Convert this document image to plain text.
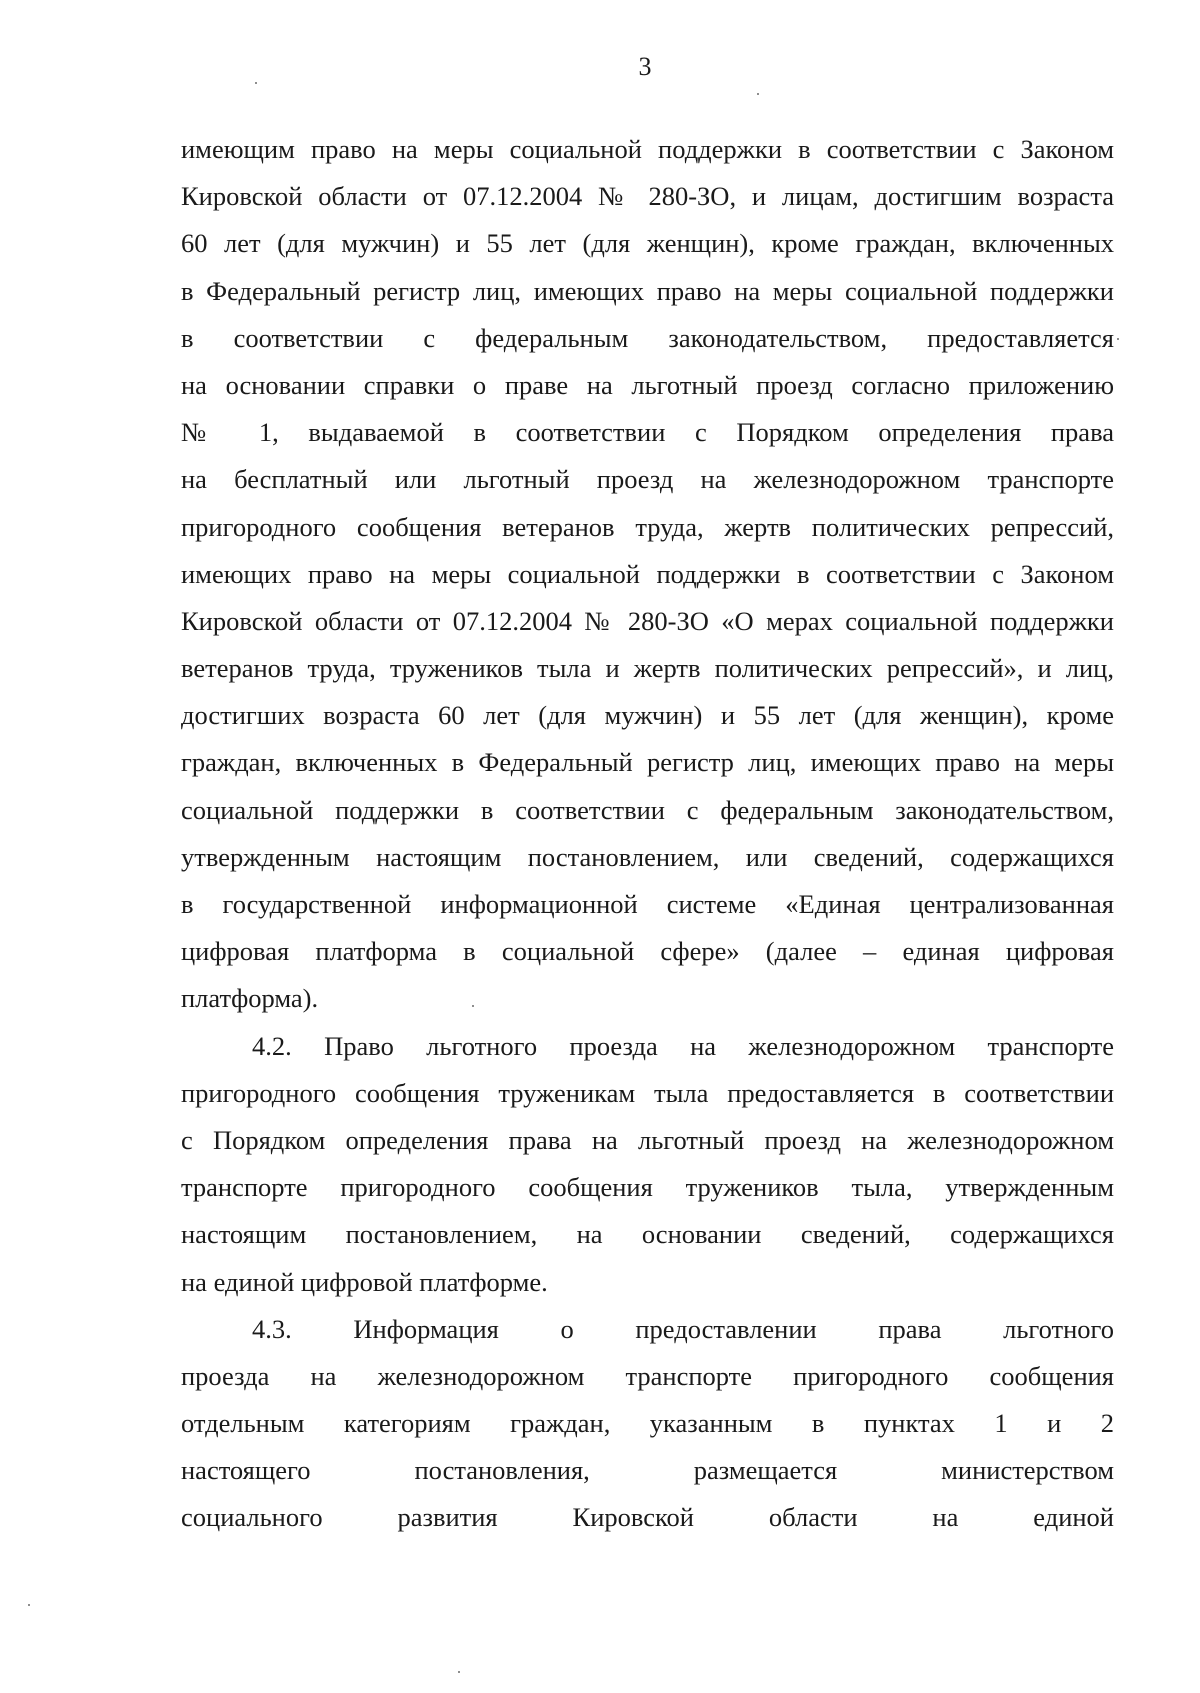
3
имеющим право на меры социальной поддержки в соответствии с Законом
Кировской области от 07.12.2004 № 280-ЗО, и лицам, достигшим возраста
60 лет (для мужчин) и 55 лет (для женщин), кроме граждан, включенных
в Федеральный регистр лиц, имеющих право на меры социальной поддержки
в соответствии с федеральным законодательством, предоставляется
на основании справки о праве на льготный проезд согласно приложению
№ 1, выдаваемой в соответствии с Порядком определения права
на бесплатный или льготный проезд на железнодорожном транспорте
пригородного сообщения ветеранов труда, жертв политических репрессий,
имеющих право на меры социальной поддержки в соответствии с Законом
Кировской области от 07.12.2004 № 280-ЗО «О мерах социальной поддержки
ветеранов труда, тружеников тыла и жертв политических репрессий», и лиц,
достигших возраста 60 лет (для мужчин) и 55 лет (для женщин), кроме
граждан, включенных в Федеральный регистр лиц, имеющих право на меры
социальной поддержки в соответствии с федеральным законодательством,
утвержденным настоящим постановлением, или сведений, содержащихся
в государственной информационной системе «Единая централизованная
цифровая платформа в социальной сфере» (далее – единая цифровая
платформа).
4.2. Право льготного проезда на железнодорожном транспорте
пригородного сообщения труженикам тыла предоставляется в соответствии
с Порядком определения права на льготный проезд на железнодорожном
транспорте пригородного сообщения тружеников тыла, утвержденным
настоящим постановлением, на основании сведений, содержащихся
на единой цифровой платформе.
4.3. Информация о предоставлении права льготного
проезда на железнодорожном транспорте пригородного сообщения
отдельным категориям граждан, указанным в пунктах 1 и 2
настоящего постановления, размещается министерством
социального развития Кировской области на единой
